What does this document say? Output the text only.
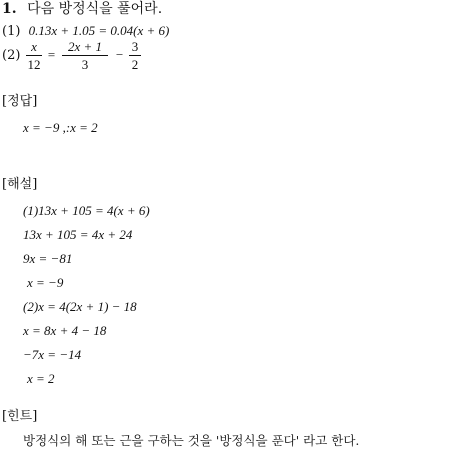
1. 다음 방정식을 풀어라.
(1) 0.13x + 1.05 = 0.04(x + 6)
(2)
x
12
=
2x + 1
3
−
3
2
[정답]
x = −9 ,:x = 2
[해설]
(1)13x + 105 = 4(x + 6)
13x + 105 = 4x + 24
9x = −81
x = −9
(2)x = 4(2x + 1) − 18
x = 8x + 4 − 18
−7x = −14
x = 2
[힌트]
방정식의 해 또는 근을 구하는 것을 '방정식을 푼다' 라고 한다.
